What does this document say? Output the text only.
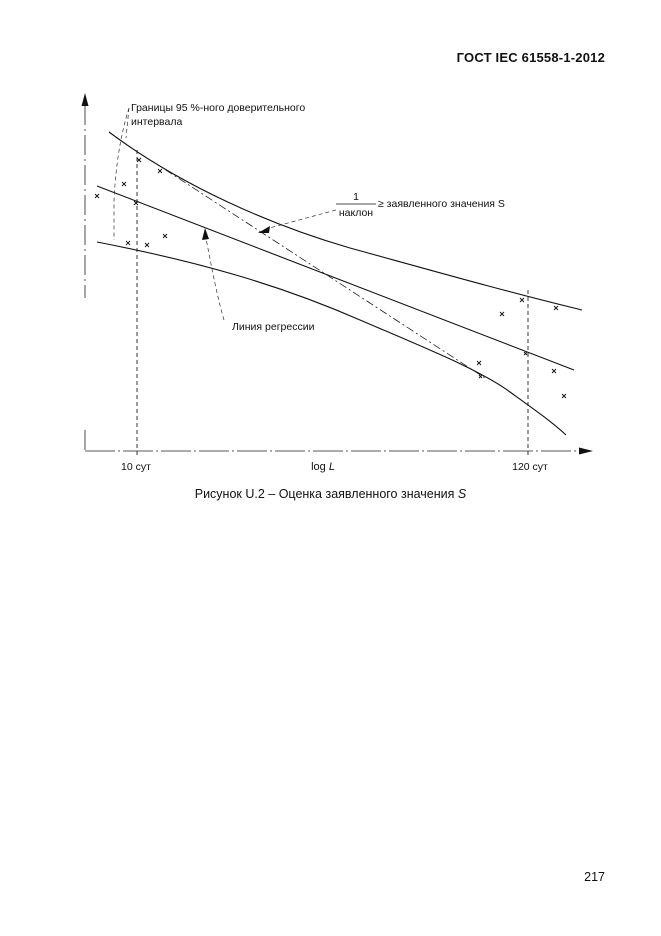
ГОСТ IEC 61558-1-2012
Границы 95 %-ного доверительного
интервала
1
наклон
≥ заявленного значения S
Линия регрессии
10 сут	log L	120 сут
Рисунок U.2 – Оценка заявленного значения S
217
